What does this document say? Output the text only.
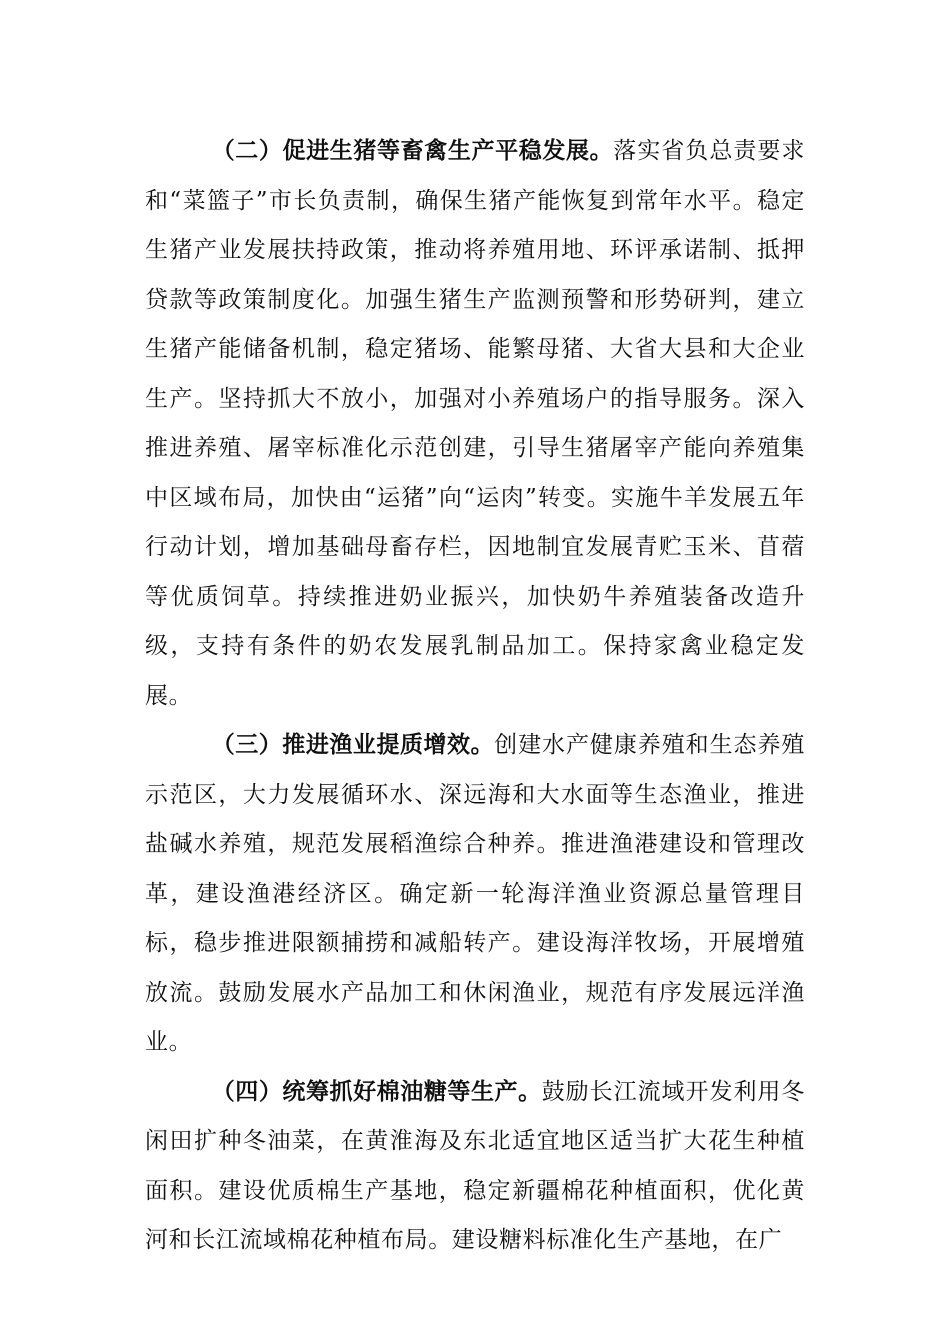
（二）促进生猪等畜禽生产平稳发展。落实省负总责要求和“菜篮子”市长负责制，确保生猪产能恢复到常年水平。稳定生猪产业发展扶持政策，推动将养殖用地、环评承诺制、抵押贷款等政策制度化。加强生猪生产监测预警和形势研判，建立生猪产能储备机制，稳定猪场、能繁母猪、大省大县和大企业生产。坚持抓大不放小，加强对小养殖场户的指导服务。深入推进养殖、屠宰标准化示范创建，引导生猪屠宰产能向养殖集中区域布局，加快由“运猪”向“运肉”转变。实施牛羊发展五年行动计划，增加基础母畜存栏，因地制宜发展青贮玉米、苜蓿等优质饲草。持续推进奶业振兴，加快奶牛养殖装备改造升级，支持有条件的奶农发展乳制品加工。保持家禽业稳定发展。

（三）推进渔业提质增效。创建水产健康养殖和生态养殖示范区，大力发展循环水、深远海和大水面等生态渔业，推进盐碱水养殖，规范发展稻渔综合种养。推进渔港建设和管理改革，建设渔港经济区。确定新一轮海洋渔业资源总量管理目标，稳步推进限额捕捞和减船转产。建设海洋牧场，开展增殖放流。鼓励发展水产品加工和休闲渔业，规范有序发展远洋渔业。

（四）统筹抓好棉油糖等生产。鼓励长江流域开发利用冬闲田扩种冬油菜，在黄淮海及东北适宜地区适当扩大花生种植面积。建设优质棉生产基地，稳定新疆棉花种植面积，优化黄河和长江流域棉花种植布局。建设糖料标准化生产基地，在广
